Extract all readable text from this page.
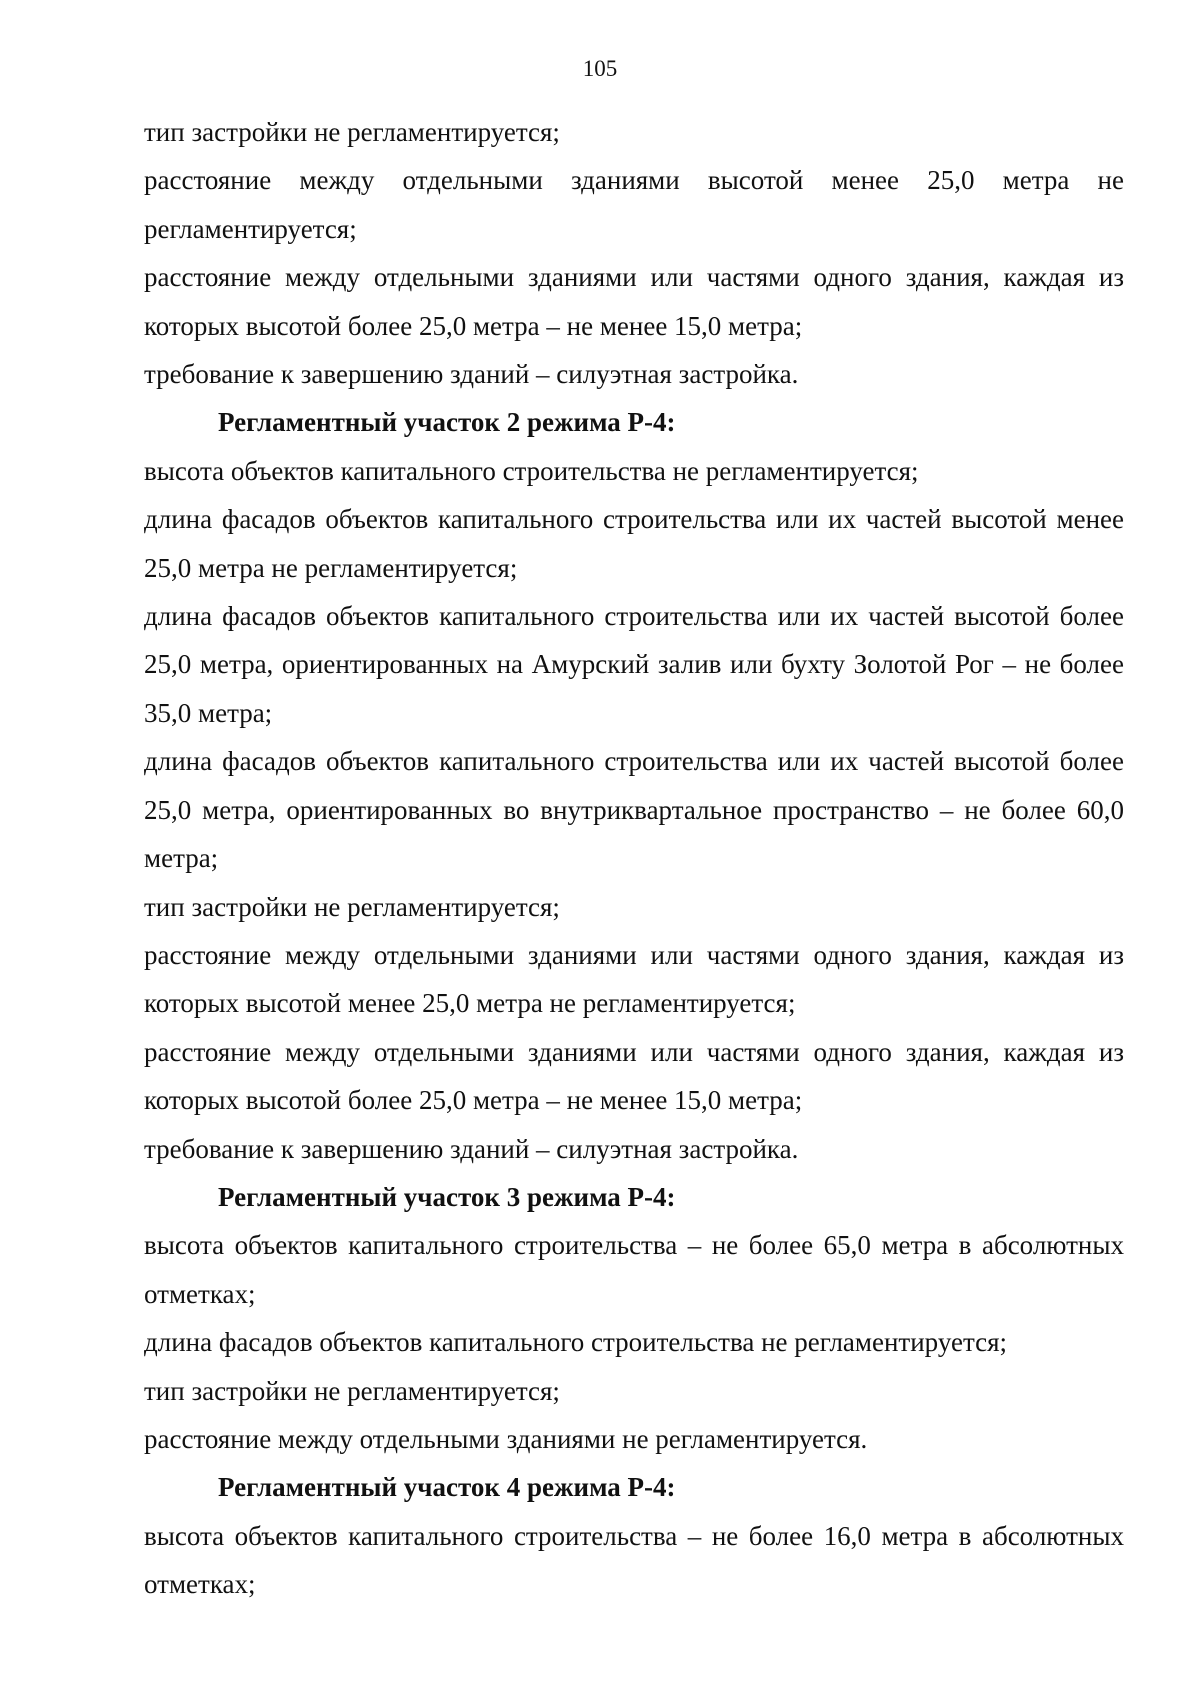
105

тип застройки не регламентируется;

расстояние между отдельными зданиями высотой менее 25,0 метра не регламентируется;

расстояние между отдельными зданиями или частями одного здания, каждая из которых высотой более 25,0 метра – не менее 15,0 метра;

требование к завершению зданий – силуэтная застройка.

Регламентный участок 2 режима Р-4:

высота объектов капитального строительства не регламентируется;

длина фасадов объектов капитального строительства или их частей высотой менее 25,0 метра не регламентируется;

длина фасадов объектов капитального строительства или их частей высотой более 25,0 метра, ориентированных на Амурский залив или бухту Золотой Рог – не более 35,0 метра;

длина фасадов объектов капитального строительства или их частей высотой более 25,0 метра, ориентированных во внутриквартальное пространство – не более 60,0 метра;

тип застройки не регламентируется;

расстояние между отдельными зданиями или частями одного здания, каждая из которых высотой менее 25,0 метра не регламентируется;

расстояние между отдельными зданиями или частями одного здания, каждая из которых высотой более 25,0 метра – не менее 15,0 метра;

требование к завершению зданий – силуэтная застройка.

Регламентный участок 3 режима Р-4:

высота объектов капитального строительства – не более 65,0 метра в абсолютных отметках;

длина фасадов объектов капитального строительства не регламентируется;

тип застройки не регламентируется;

расстояние между отдельными зданиями не регламентируется.

Регламентный участок 4 режима Р-4:

высота объектов капитального строительства – не более 16,0 метра в абсолютных отметках;
